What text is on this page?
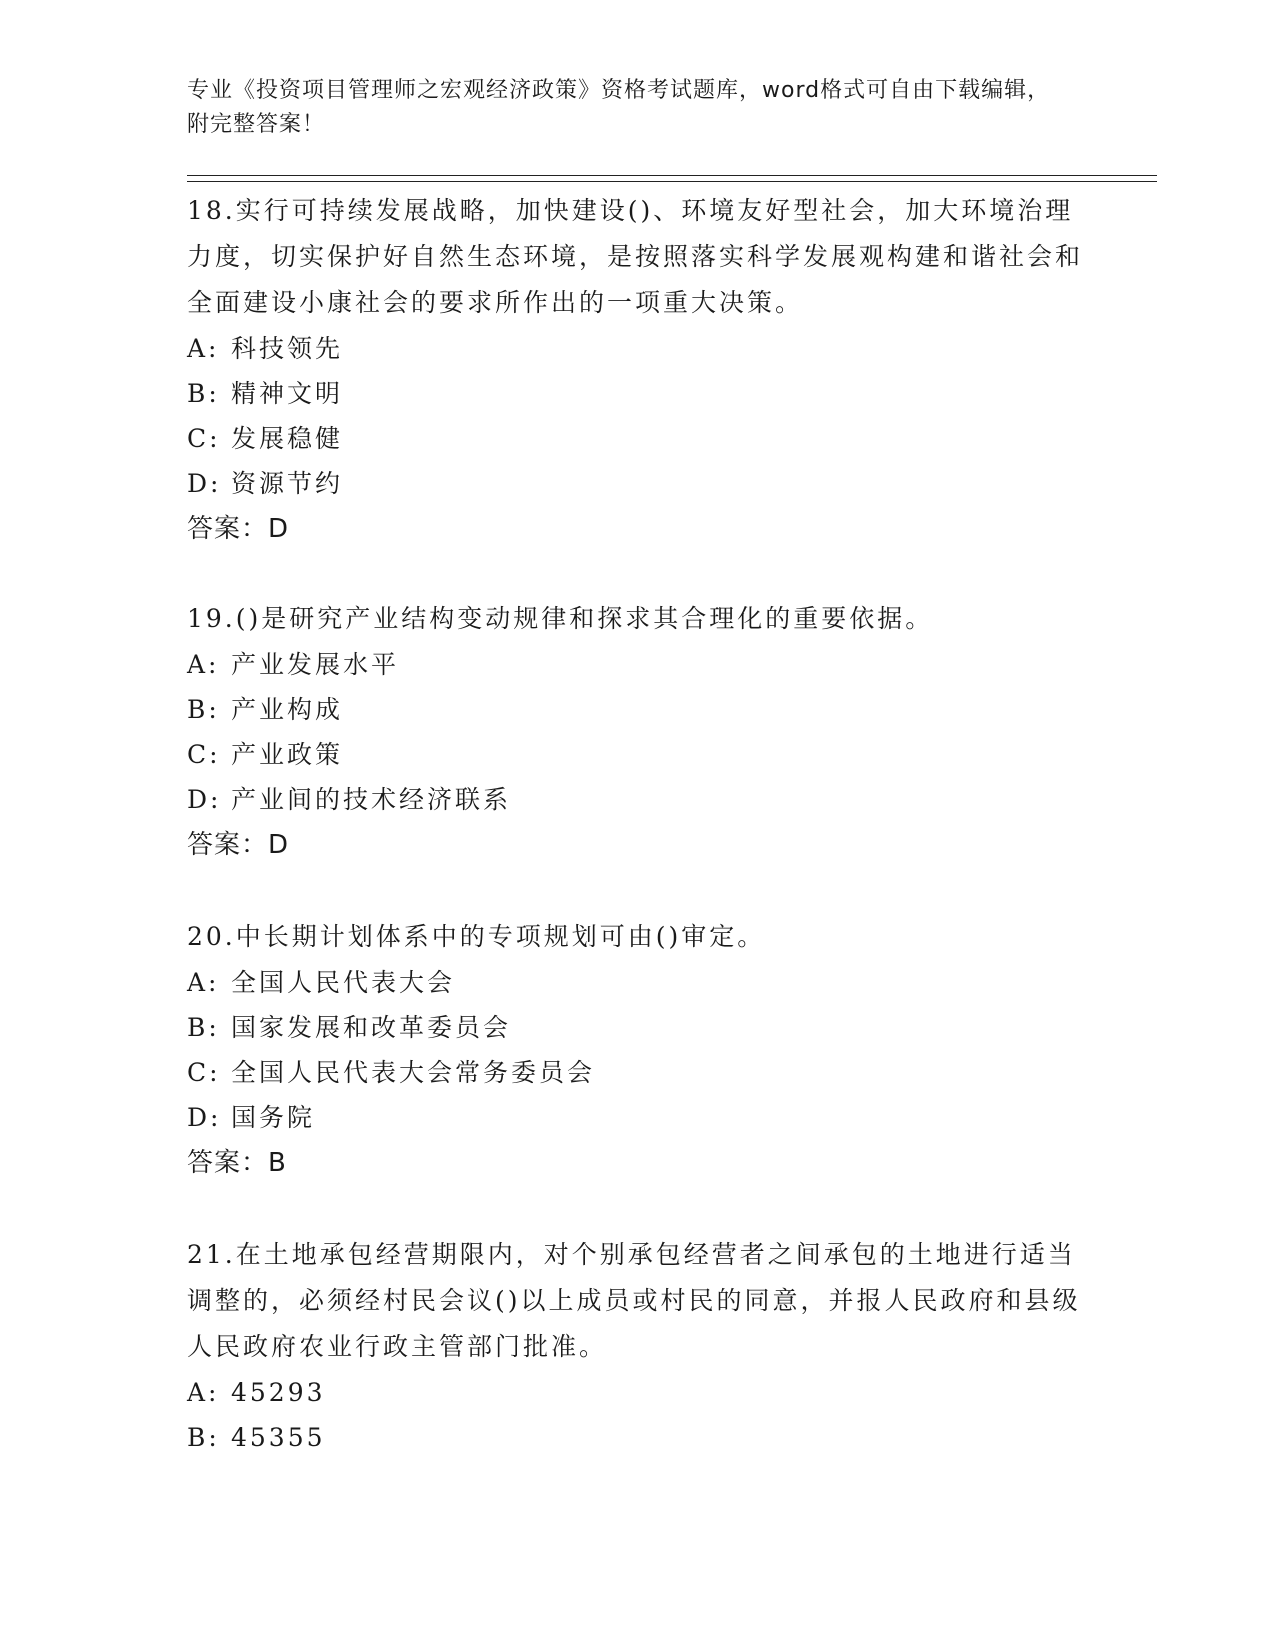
专业《投资项目管理师之宏观经济政策》资格考试题库，word格式可自由下载编辑，附完整答案！

18.实行可持续发展战略，加快建设()、环境友好型社会，加大环境治理力度，切实保护好自然生态环境，是按照落实科学发展观构建和谐社会和全面建设小康社会的要求所作出的一项重大决策。

A: 科技领先

B: 精神文明

C: 发展稳健

D: 资源节约

答案：D

19.()是研究产业结构变动规律和探求其合理化的重要依据。

A: 产业发展水平

B: 产业构成

C: 产业政策

D: 产业间的技术经济联系

答案：D

20.中长期计划体系中的专项规划可由()审定。

A: 全国人民代表大会

B: 国家发展和改革委员会

C: 全国人民代表大会常务委员会

D: 国务院

答案：B

21.在土地承包经营期限内，对个别承包经营者之间承包的土地进行适当调整的，必须经村民会议()以上成员或村民的同意，并报人民政府和县级人民政府农业行政主管部门批准。

A: 45293

B: 45355
